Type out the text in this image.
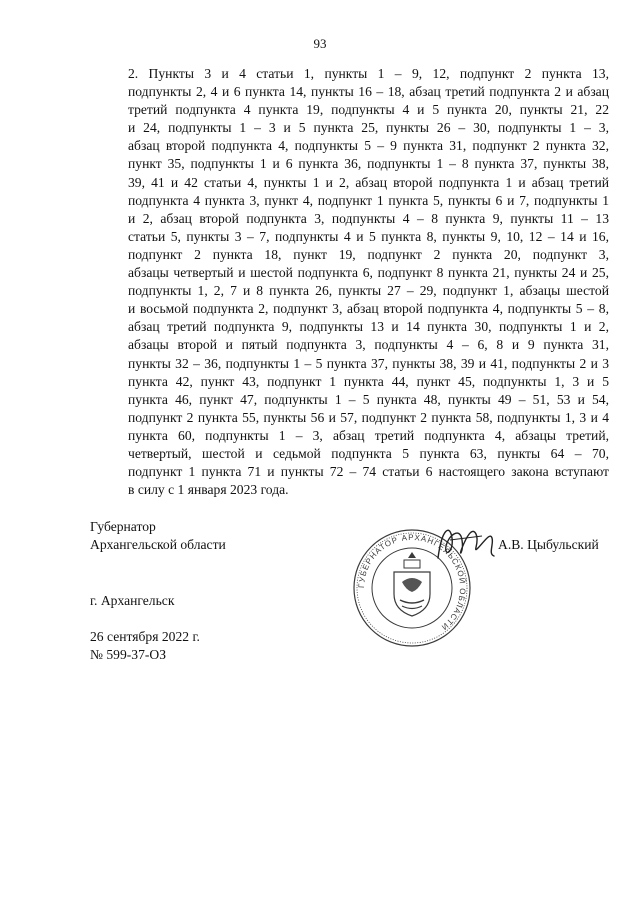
93

2. Пункты 3 и 4 статьи 1, пункты 1 – 9, 12, подпункт 2 пункта 13,
подпункты 2, 4 и 6 пункта 14, пункты 16 – 18, абзац третий подпункта 2 и абзац
третий подпункта 4 пункта 19, подпункты 4 и 5 пункта 20, пункты 21, 22
и 24, подпункты 1 – 3 и 5 пункта 25, пункты 26 – 30, подпункты 1 – 3,
абзац второй подпункта 4, подпункты 5 – 9 пункта 31, подпункт 2 пункта 32,
пункт 35, подпункты 1 и 6 пункта 36, подпункты 1 – 8 пункта 37, пункты 38,
39, 41 и 42 статьи 4, пункты 1 и 2, абзац второй подпункта 1 и абзац третий
подпункта 4 пункта 3, пункт 4, подпункт 1 пункта 5, пункты 6 и 7, подпункты 1
и 2, абзац второй подпункта 3, подпункты 4 – 8 пункта 9, пункты 11 – 13
статьи 5, пункты 3 – 7, подпункты 4 и 5 пункта 8, пункты 9, 10, 12 – 14 и 16,
подпункт 2 пункта 18, пункт 19, подпункт 2 пункта 20, подпункт 3,
абзацы четвертый и шестой подпункта 6, подпункт 8 пункта 21, пункты 24 и 25,
подпункты 1, 2, 7 и 8 пункта 26, пункты 27 – 29, подпункт 1, абзацы шестой
и восьмой подпункта 2, подпункт 3, абзац второй подпункта 4, подпункты 5 – 8,
абзац третий подпункта 9, подпункты 13 и 14 пункта 30, подпункты 1 и 2,
абзацы второй и пятый подпункта 3, подпункты 4 – 6, 8 и 9 пункта 31,
пункты 32 – 36, подпункты 1 – 5 пункта 37, пункты 38, 39 и 41, подпункты 2 и 3
пункта 42, пункт 43, подпункт 1 пункта 44, пункт 45, подпункты 1, 3 и 5
пункта 46, пункт 47, подпункты 1 – 5 пункта 48, пункты 49 – 51, 53 и 54,
подпункт 2 пункта 55, пункты 56 и 57, подпункт 2 пункта 58, подпункты 1, 3 и 4
пункта 60, подпункты 1 – 3, абзац третий подпункта 4, абзацы третий,
четвертый, шестой и седьмой подпункта 5 пункта 63, пункты 64 – 70,
подпункт 1 пункта 71 и пункты 72 – 74 статьи 6 настоящего закона вступают
в силу с 1 января 2023 года.

ГУБЕРНАТОР АРХАНГЕЛЬСКОЙ ОБЛАСТИ
Губернатор
Архангельской области	А.В. Цыбульский
г. Архангельск
26 сентября 2022 г.
№ 599-37-ОЗ
